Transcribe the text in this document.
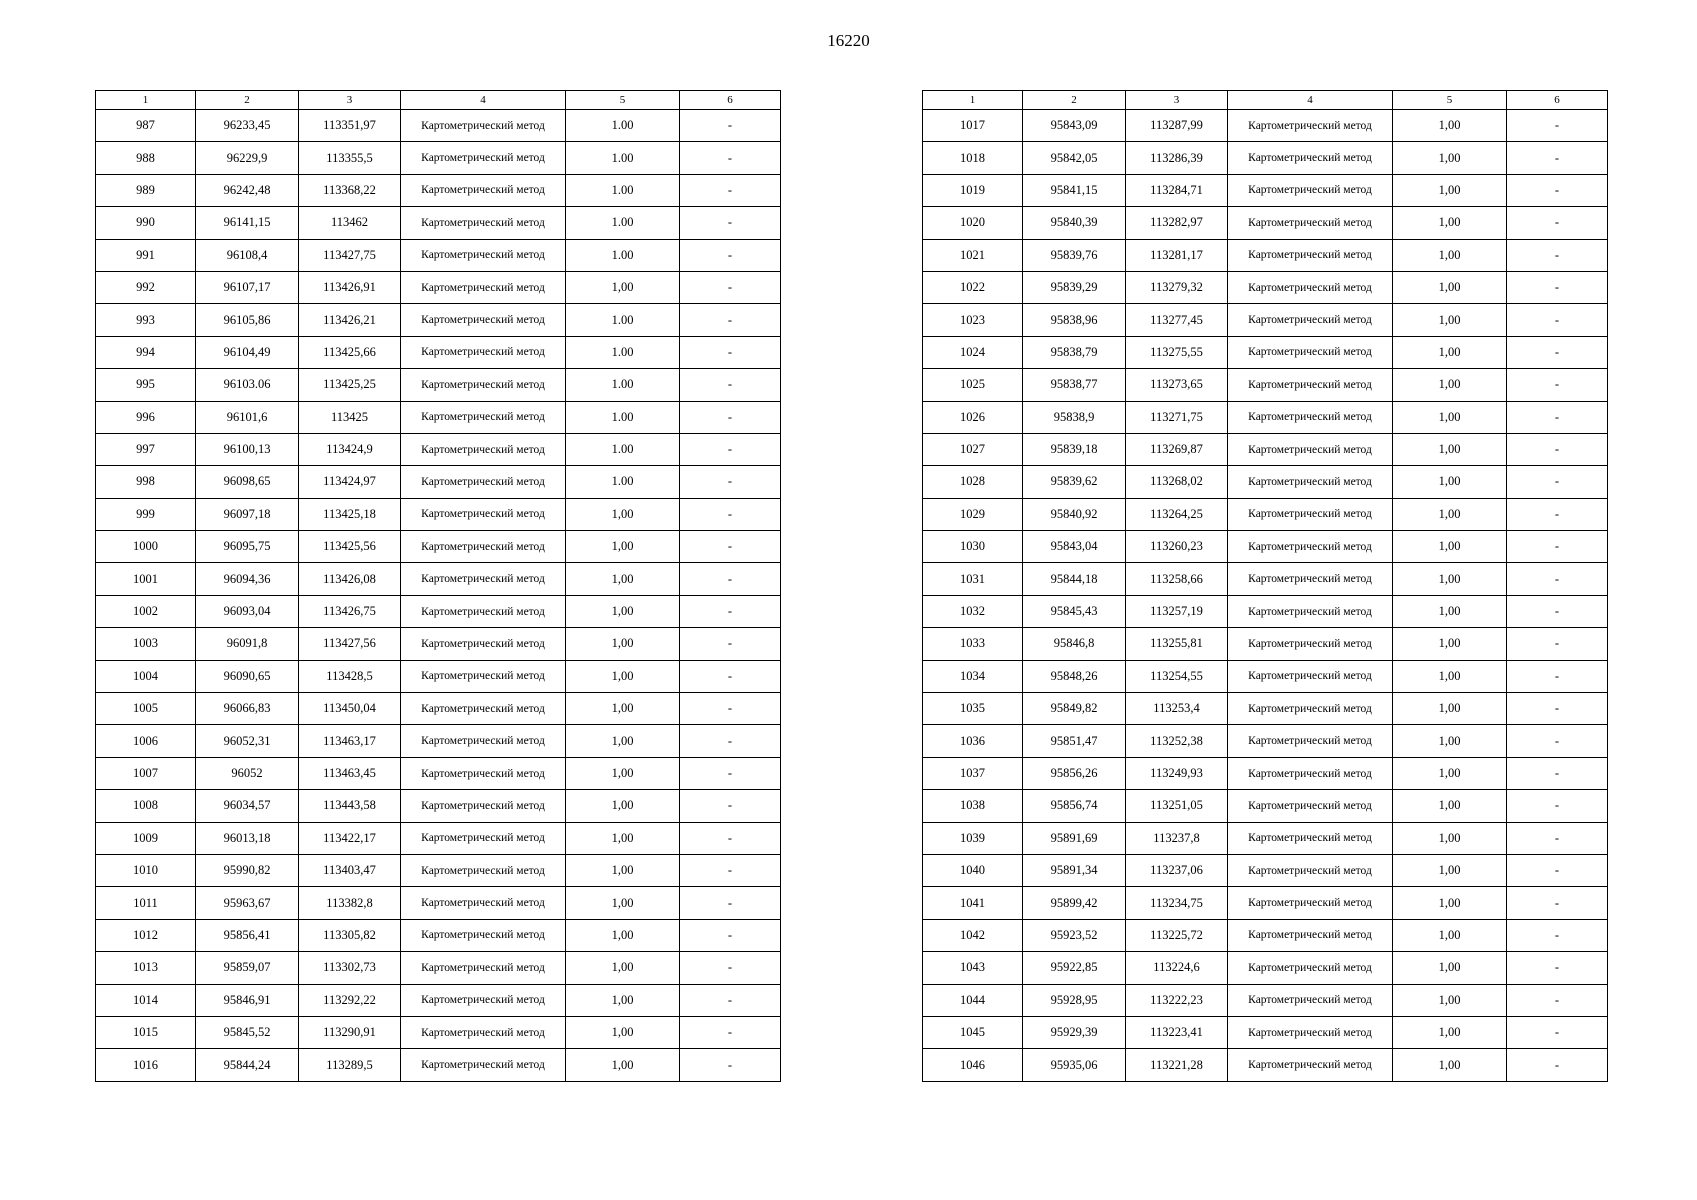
16220
1	2	3	4	5	6
987	96233,45	113351,97	Картометрический метод	1.00	-
988	96229,9	113355,5	Картометрический метод	1.00	-
989	96242,48	113368,22	Картометрический метод	1.00	-
990	96141,15	113462	Картометрический метод	1.00	-
991	96108,4	113427,75	Картометрический метод	1.00	-
992	96107,17	113426,91	Картометрический метод	1,00	-
993	96105,86	113426,21	Картометрический метод	1.00	-
994	96104,49	113425,66	Картометрический метод	1.00	-
995	96103.06	113425,25	Картометрический метод	1.00	-
996	96101,6	113425	Картометрический метод	1.00	-
997	96100,13	113424,9	Картометрический метод	1.00	-
998	96098,65	113424,97	Картометрический метод	1.00	-
999	96097,18	113425,18	Картометрический метод	1,00	-
1000	96095,75	113425,56	Картометрический метод	1,00	-
1001	96094,36	113426,08	Картометрический метод	1,00	-
1002	96093,04	113426,75	Картометрический метод	1,00	-
1003	96091,8	113427,56	Картометрический метод	1,00	-
1004	96090,65	113428,5	Картометрический метод	1,00	-
1005	96066,83	113450,04	Картометрический метод	1,00	-
1006	96052,31	113463,17	Картометрический метод	1,00	-
1007	96052	113463,45	Картометрический метод	1,00	-
1008	96034,57	113443,58	Картометрический метод	1,00	-
1009	96013,18	113422,17	Картометрический метод	1,00	-
1010	95990,82	113403,47	Картометрический метод	1,00	-
1011	95963,67	113382,8	Картометрический метод	1,00	-
1012	95856,41	113305,82	Картометрический метод	1,00	-
1013	95859,07	113302,73	Картометрический метод	1,00	-
1014	95846,91	113292,22	Картометрический метод	1,00	-
1015	95845,52	113290,91	Картометрический метод	1,00	-
1016	95844,24	113289,5	Картометрический метод	1,00	-
1	2	3	4	5	6
1017	95843,09	113287,99	Картометрический метод	1,00	-
1018	95842,05	113286,39	Картометрический метод	1,00	-
1019	95841,15	113284,71	Картометрический метод	1,00	-
1020	95840,39	113282,97	Картометрический метод	1,00	-
1021	95839,76	113281,17	Картометрический метод	1,00	-
1022	95839,29	113279,32	Картометрический метод	1,00	-
1023	95838,96	113277,45	Картометрический метод	1,00	-
1024	95838,79	113275,55	Картометрический метод	1,00	-
1025	95838,77	113273,65	Картометрический метод	1,00	-
1026	95838,9	113271,75	Картометрический метод	1,00	-
1027	95839,18	113269,87	Картометрический метод	1,00	-
1028	95839,62	113268,02	Картометрический метод	1,00	-
1029	95840,92	113264,25	Картометрический метод	1,00	-
1030	95843,04	113260,23	Картометрический метод	1,00	-
1031	95844,18	113258,66	Картометрический метод	1,00	-
1032	95845,43	113257,19	Картометрический метод	1,00	-
1033	95846,8	113255,81	Картометрический метод	1,00	-
1034	95848,26	113254,55	Картометрический метод	1,00	-
1035	95849,82	113253,4	Картометрический метод	1,00	-
1036	95851,47	113252,38	Картометрический метод	1,00	-
1037	95856,26	113249,93	Картометрический метод	1,00	-
1038	95856,74	113251,05	Картометрический метод	1,00	-
1039	95891,69	113237,8	Картометрический метод	1,00	-
1040	95891,34	113237,06	Картометрический метод	1,00	-
1041	95899,42	113234,75	Картометрический метод	1,00	-
1042	95923,52	113225,72	Картометрический метод	1,00	-
1043	95922,85	113224,6	Картометрический метод	1,00	-
1044	95928,95	113222,23	Картометрический метод	1,00	-
1045	95929,39	113223,41	Картометрический метод	1,00	-
1046	95935,06	113221,28	Картометрический метод	1,00	-
